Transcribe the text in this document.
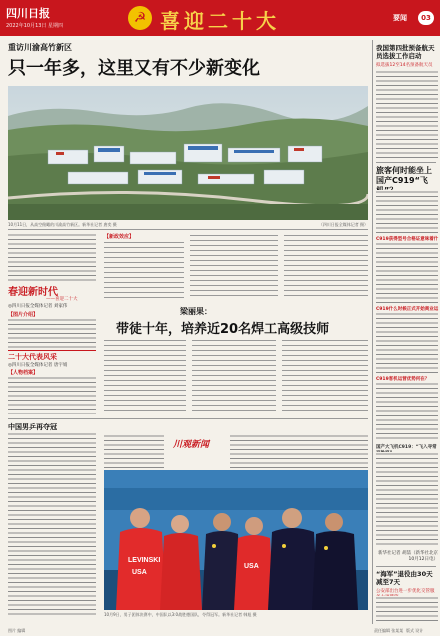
四川日报
2022年10月13日 星期四	☭ 喜迎二十大	要闻	03
重访川渝高竹新区
只一年多，这里又有不少新变化
10月11日，从高空俯瞰的川渝高竹新区。新华社记者 唐奕 摄	（四川日报全媒体记者 摄）
春迎新时代
——喜迎二十大
◎四川日报全媒体记者 刘家伟
【图片介绍】
二十大代表风采
◎四川日报全媒体记者 唐宇娟
【人物档案】
【新政效应】
梁丽果：
带徒十年，培养近20名焊工高级技师
中国男乒再夺冠
LEVINSKI
USA
USA
川观新闻
10月9日，男子团体决赛中，中国队以3:0战胜德国队，夺得冠军。新华社记者 韩旭 摄
我国第四批预备航天员选拔工作启动
拟选拔12至14名预备航天员
旅客何时能坐上国产C919“飞
C919获得型号合格证意味着什
C919什么时候正式开始商业运
C919客机运营优势何在？
国产大飞机C919：“飞入寻常
新华社记者 胡喆（新华社北京10月12日电）
“海军”退役由30天减至7天
公安部出台进一步优化交管服
责任编辑 张某某 版式 设计
图片 编辑
